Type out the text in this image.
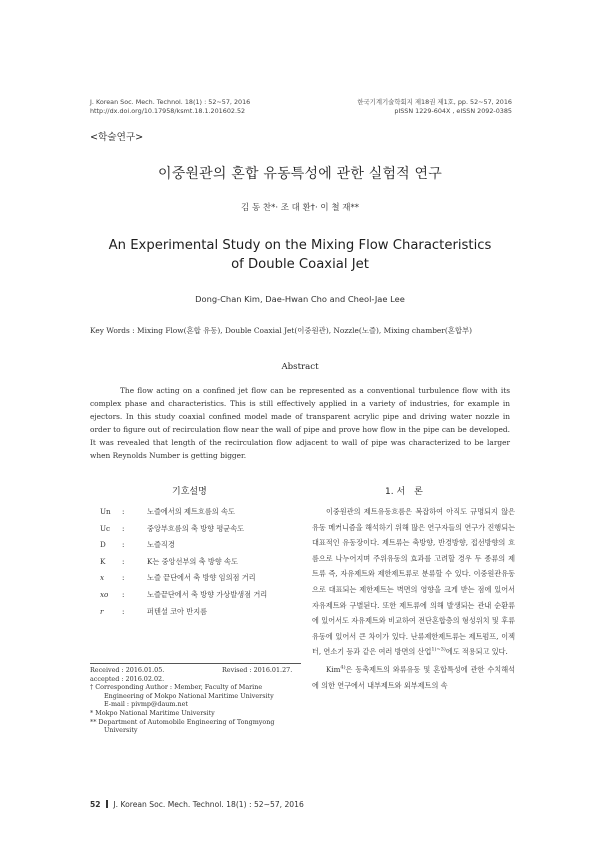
J. Korean Soc. Mech. Technol. 18(1) : 52~57, 2016
http://dx.doi.org/10.17958/ksmt.18.1.201602.52
한국기계기술학회지 제18권 제1호, pp. 52~57, 2016
pISSN 1229-604X , eISSN 2092-0385
<학술연구>
이중원관의 혼합 유동특성에 관한 실험적 연구
김 동 찬*· 조 대 환†· 이 철 재**
An Experimental Study on the Mixing Flow Characteristics
of Double Coaxial Jet
Dong-Chan Kim, Dae-Hwan Cho and Cheol-Jae Lee
Key Words : Mixing Flow(혼합 유동), Double Coaxial Jet(이중원관), Nozzle(노즐), Mixing chamber(혼합부)
Abstract
The flow acting on a confined jet flow can be represented as a conventional turbulence flow with its complex phase and characteristics. This is still effectively applied in a variety of industries, for example in ejectors. In this study coaxial confined model made of transparent acrylic pipe and driving water nozzle in order to figure out of recirculation flow near the wall of pipe and prove how flow in the pipe can be developed. It was revealed that length of the recirculation flow adjacent to wall of pipe was characterized to be larger when Reynolds Number is getting bigger.
기호설명
Un :	노즐에서의 제트흐름의 속도
Uc :	중앙부흐름의 축 방향 평균속도
D :	노즐직경
K :	K는 중앙선부의 축 방향 속도
x :	노즐 끝단에서 축 방향 임의점 거리
xo :	노즐끝단에서 축 방향 가상발생점 거리
r	:	퍼텐셜 코아 반지름
1. 서　론

이중원관의 제트유동흐름은 복잡하여 아직도 규명되지 않은 유동 메커니즘을 해석하기 위해 많은 연구자들의 연구가 진행되는 대표적인 유동장이다. 제트류는 축방향, 반경방향, 접선방향의 흐름으로 나누어지며 주위유동의 효과를 고려할 경우 두 종류의 제트류 즉, 자유제트와 제한제트류로 분류할 수 있다. 이중원관유동으로 대표되는 제한제트는 벽면의 영향을 크게 받는 점에 있어서 자유제트와 구별된다. 또한 제트류에 의해 발생되는 관내 순환류에 있어서도 자유제트와 비교하여 전단혼합층의 형성위치 및 후류 유동에 있어서 큰 차이가 있다. 난류제한제트류는 제트펌프, 이젝터, 연소기 등과 같은 여러 방면의 산업$^{1)\sim 3)}$에도 적용되고 있다.

Kim$^{4)}$은 동축제트의 와류유동 및 혼합특성에 관한 수치해석에 의한 연구에서 내부제트와 외부제트의 속

Received : 2016.01.05.	Revised : 2016.01.27.
accepted : 2016.02.02.
† Corresponding Author : Member, Faculty of Marine
Engineering of Mokpo National Maritime University
E-mail : pivmp@daum.net
* Mokpo National Maritime University
** Department of Automobile Engineering of Tongmyong
University
52 J. Korean Soc. Mech. Technol. 18(1) : 52~57, 2016
